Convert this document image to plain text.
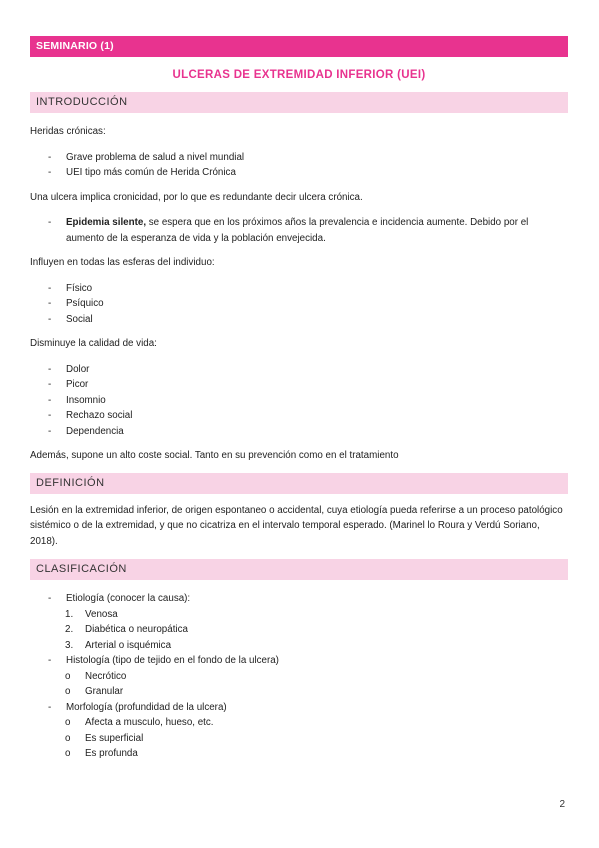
SEMINARIO (1)
ULCERAS DE EXTREMIDAD INFERIOR (UEI)
INTRODUCCIÓN

Heridas crónicas:

- Grave problema de salud a nivel mundial
- UEI tipo más común de Herida Crónica

Una ulcera implica cronicidad, por lo que es redundante decir ulcera crónica.

- Epidemia silente, se espera que en los próximos años la prevalencia e incidencia aumente. Debido por el aumento de la esperanza de vida y la población envejecida.

Influyen en todas las esferas del individuo:

- Físico
- Psíquico
- Social

Disminuye la calidad de vida:

- Dolor
- Picor
- Insomnio
- Rechazo social
- Dependencia

Además, supone un alto coste social. Tanto en su prevención como en el tratamiento

DEFINICIÓN

Lesión en la extremidad inferior, de origen espontaneo o accidental, cuya etiología pueda referirse a un proceso patológico sistémico o de la extremidad, y que no cicatriza en el intervalo temporal esperado. (Marinel lo Roura y Verdú Soriano, 2018).

CLASIFICACIÓN
- Etiología (conocer la causa):
1. Venosa
2. Diabética o neuropática
3. Arterial o isquémica
- Histología (tipo de tejido en el fondo de la ulcera)
o Necrótico
o Granular
- Morfología (profundidad de la ulcera)
o Afecta a musculo, hueso, etc.
o Es superficial
o Es profunda
2
